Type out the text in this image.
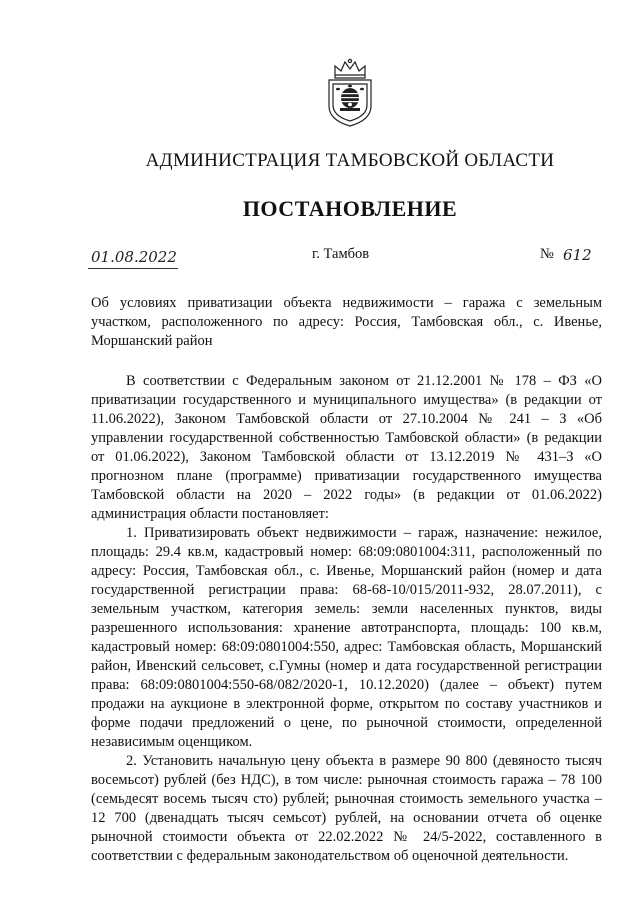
АДМИНИСТРАЦИЯ ТАМБОВСКОЙ ОБЛАСТИ
ПОСТАНОВЛЕНИЕ
01.08.2022	г. Тамбов	№ 612
Об условиях приватизации объекта недвижимости – гаража с земельным участком, расположенного по адресу: Россия, Тамбовская обл., с. Ивенье, Моршанский район

В соответствии с Федеральным законом от 21.12.2001 № 178 – ФЗ «О приватизации государственного и муниципального имущества» (в редакции от 11.06.2022), Законом Тамбовской области от 27.10.2004 № 241 – З «Об управлении государственной собственностью Тамбовской области» (в редакции от 01.06.2022), Законом Тамбовской области от 13.12.2019 № 431–З «О прогнозном плане (программе) приватизации государственного имущества Тамбовской области на 2020 – 2022 годы» (в редакции от 01.06.2022) администрация области постановляет:

1. Приватизировать объект недвижимости – гараж, назначение: нежилое, площадь: 29.4 кв.м, кадастровый номер: 68:09:0801004:311, расположенный по адресу: Россия, Тамбовская обл., с. Ивенье, Моршанский район (номер и дата государственной регистрации права: 68-68-10/015/2011-932, 28.07.2011), с земельным участком, категория земель: земли населенных пунктов, виды разрешенного использования: хранение автотранспорта, площадь: 100 кв.м, кадастровый номер: 68:09:0801004:550, адрес: Тамбовская область, Моршанский район, Ивенский сельсовет, с.Гумны (номер и дата государственной регистрации права: 68:09:0801004:550-68/082/2020-1, 10.12.2020) (далее – объект) путем продажи на аукционе в электронной форме, открытом по составу участников и форме подачи предложений о цене, по рыночной стоимости, определенной независимым оценщиком.

2. Установить начальную цену объекта в размере 90 800 (девяносто тысяч восемьсот) рублей (без НДС), в том числе: рыночная стоимость гаража – 78 100 (семьдесят восемь тысяч сто) рублей; рыночная стоимость земельного участка – 12 700 (двенадцать тысяч семьсот) рублей, на основании отчета об оценке рыночной стоимости объекта от 22.02.2022 № 24/5-2022, составленного в соответствии с федеральным законодательством об оценочной деятельности.
